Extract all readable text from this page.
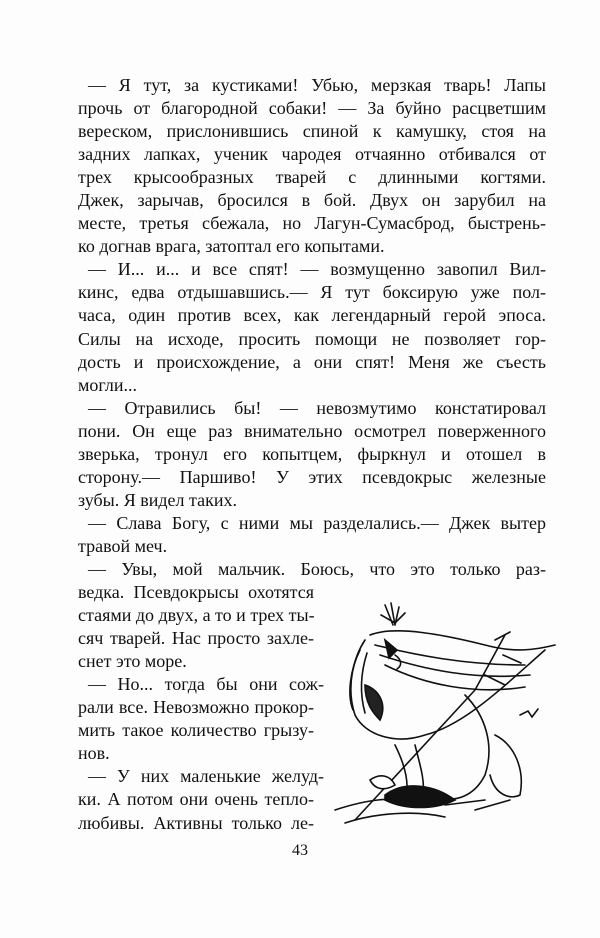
— Я тут, за кустиками! Убью, мерзкая тварь! Лапы
прочь от благородной собаки! — За буйно расцветшим
вереском, прислонившись спиной к камушку, стоя на
задних лапках, ученик чародея отчаянно отбивался от
трех крысообразных тварей с длинными когтями.
Джек, зарычав, бросился в бой. Двух он зарубил на
месте, третья сбежала, но Лагун-Сумасброд, быстрень-
ко догнав врага, затоптал его копытами.
— И... и... и все спят! — возмущенно завопил Вил-
кинс, едва отдышавшись.— Я тут боксирую уже пол-
часа, один против всех, как легендарный герой эпоса.
Силы на исходе, просить помощи не позволяет гор-
дость и происхождение, а они спят! Меня же съесть
могли...
— Отравились бы! — невозмутимо констатировал
пони. Он еще раз внимательно осмотрел поверженного
зверька, тронул его копытцем, фыркнул и отошел в
сторону.— Паршиво! У этих псевдокрыс железные
зубы. Я видел таких.
— Слава Богу, с ними мы разделались.— Джек вытер
травой меч.
— Увы, мой мальчик. Боюсь, что это только раз-
ведка. Псевдокрысы охотятся
стаями до двух, а то и трех ты-
сяч тварей. Нас просто захле-
снет это море.
— Но... тогда бы они сож-
рали все. Невозможно прокор-
мить такое количество грызу-
нов.
— У них маленькие желуд-
ки. А потом они очень тепло-
любивы. Активны только ле-
43
